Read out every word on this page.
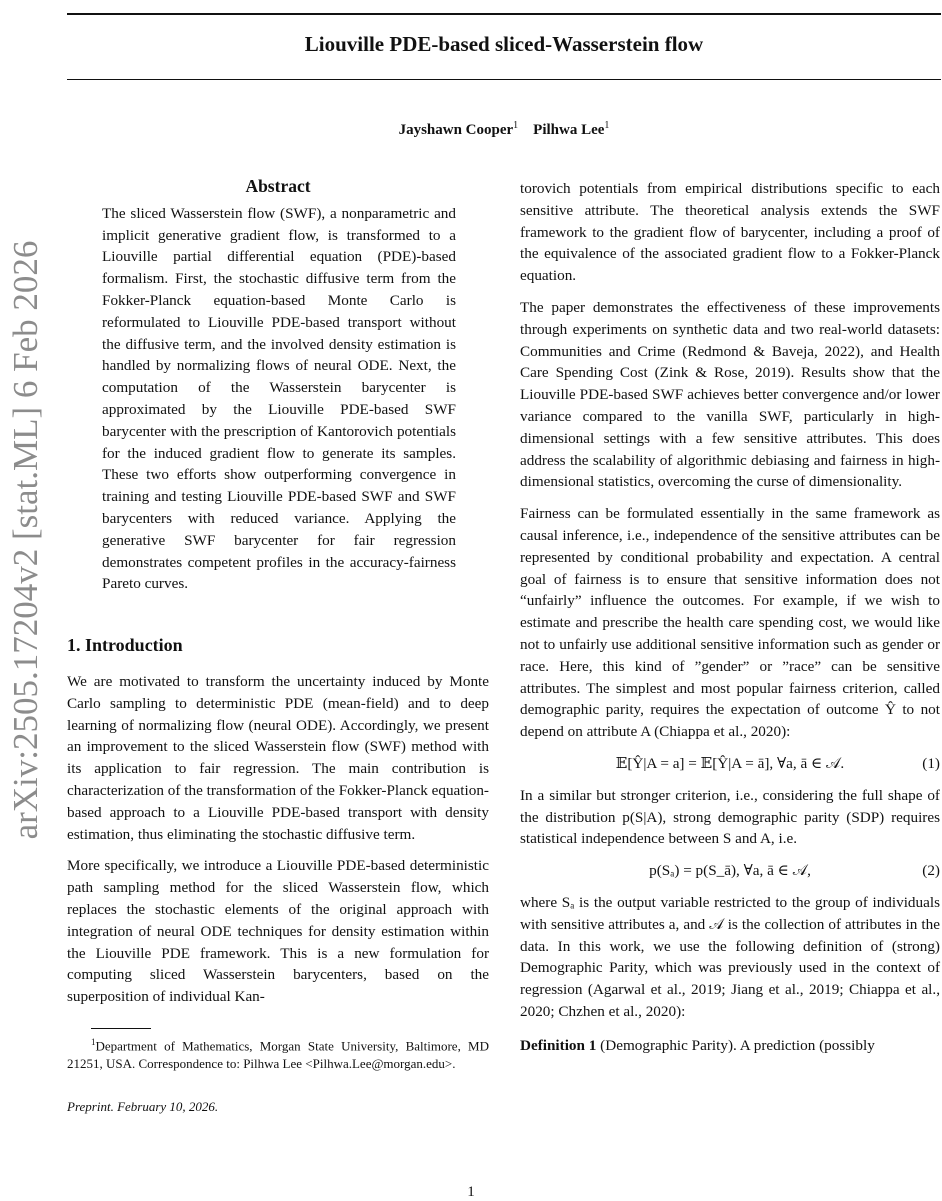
Liouville PDE-based sliced-Wasserstein flow
Jayshawn Cooper$^1$ Pilhwa Lee$^1$
arXiv:2505.17204v2 [stat.ML] 6 Feb 2026
Abstract

The sliced Wasserstein flow (SWF), a nonparametric and implicit generative gradient flow, is transformed to a Liouville partial differential equation (PDE)-based formalism. First, the stochastic diffusive term from the Fokker-Planck equation-based Monte Carlo is reformulated to Liouville PDE-based transport without the diffusive term, and the involved density estimation is handled by normalizing flows of neural ODE. Next, the computation of the Wasserstein barycenter is approximated by the Liouville PDE-based SWF barycenter with the prescription of Kantorovich potentials for the induced gradient flow to generate its samples. These two efforts show outperforming convergence in training and testing Liouville PDE-based SWF and SWF barycenters with reduced variance. Applying the generative SWF barycenter for fair regression demonstrates competent profiles in the accuracy-fairness Pareto curves.

1. Introduction

We are motivated to transform the uncertainty induced by Monte Carlo sampling to deterministic PDE (mean-field) and to deep learning of normalizing flow (neural ODE). Accordingly, we present an improvement to the sliced Wasserstein flow (SWF) method with its application to fair regression. The main contribution is characterization of the transformation of the Fokker-Planck equation-based approach to a Liouville PDE-based transport with density estimation, thus eliminating the stochastic diffusive term.

More specifically, we introduce a Liouville PDE-based deterministic path sampling method for the sliced Wasserstein flow, which replaces the stochastic elements of the original approach with integration of neural ODE techniques for density estimation within the Liouville PDE framework. This is a new formulation for computing sliced Wasserstein barycenters, based on the superposition of individual Kan-

$^1$Department of Mathematics, Morgan State University, Baltimore, MD 21251, USA. Correspondence to: Pilhwa Lee <Pilhwa.Lee@morgan.edu>.
Preprint. February 10, 2026.

torovich potentials from empirical distributions specific to each sensitive attribute. The theoretical analysis extends the SWF framework to the gradient flow of barycenter, including a proof of the equivalence of the associated gradient flow to a Fokker-Planck equation.

The paper demonstrates the effectiveness of these improvements through experiments on synthetic data and two real-world datasets: Communities and Crime (Redmond & Baveja, 2022), and Health Care Spending Cost (Zink & Rose, 2019). Results show that the Liouville PDE-based SWF achieves better convergence and/or lower variance compared to the vanilla SWF, particularly in high-dimensional settings with a few sensitive attributes. This does address the scalability of algorithmic debiasing and fairness in high-dimensional statistics, overcoming the curse of dimensionality.

Fairness can be formulated essentially in the same framework as causal inference, i.e., independence of the sensitive attributes can be represented by conditional probability and expectation. A central goal of fairness is to ensure that sensitive information does not “unfairly” influence the outcomes. For example, if we wish to estimate and prescribe the health care spending cost, we would like not to unfairly use additional sensitive information such as gender or race. Here, this kind of ”gender” or ”race” can be sensitive attributes. The simplest and most popular fairness criterion, called demographic parity, requires the expectation of outcome Ŷ to not depend on attribute A (Chiappa et al., 2020):

𝔼[Ŷ|A = a] = 𝔼[Ŷ|A = ā], ∀a, ā ∈ 𝒜.	(1)

In a similar but stronger criterion, i.e., considering the full shape of the distribution p(S|A), strong demographic parity (SDP) requires statistical independence between S and A, i.e.

p(Sₐ) = p(S_ā), ∀a, ā ∈ 𝒜,	(2)

where Sₐ is the output variable restricted to the group of individuals with sensitive attributes a, and 𝒜 is the collection of attributes in the data. In this work, we use the following definition of (strong) Demographic Parity, which was previously used in the context of regression (Agarwal et al., 2019; Jiang et al., 2019; Chiappa et al., 2020; Chzhen et al., 2020):

Definition 1 (Demographic Parity). A prediction (possibly

1
